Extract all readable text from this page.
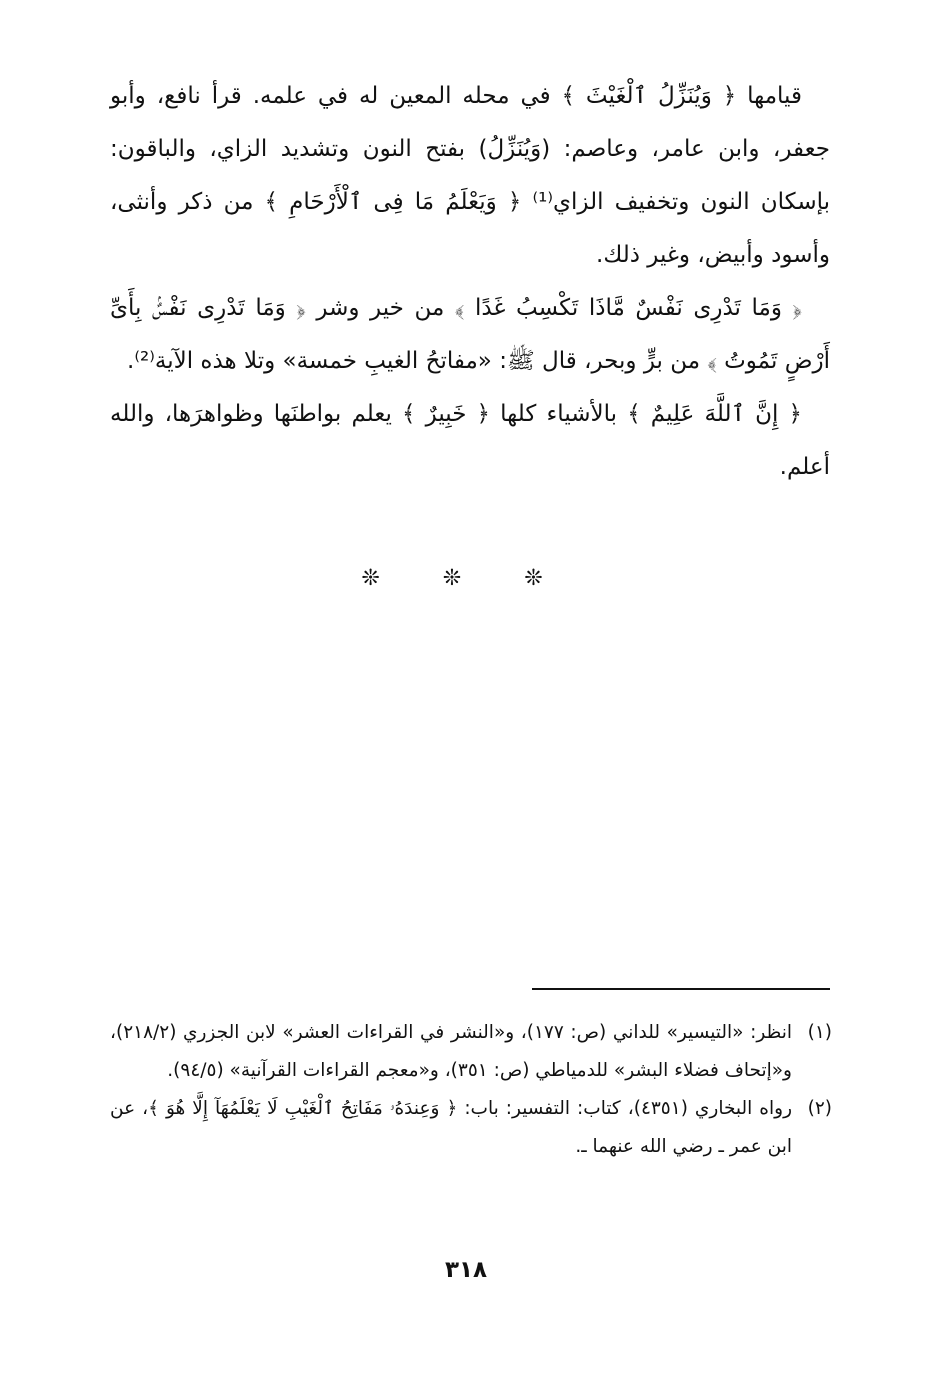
قيامها ﴿ وَيُنَزِّلُ ٱلْغَيْثَ ﴾ في محله المعين له في علمه. قرأ نافع، وأبو جعفر، وابن عامر، وعاصم: (وَيُنَزِّلُ) بفتح النون وتشديد الزاي، والباقون: بإسكان النون وتخفيف الزاي⁽¹⁾ ﴿ وَيَعْلَمُ مَا فِى ٱلْأَرْحَامِ ﴾ من ذكر وأنثى، وأسود وأبيض، وغير ذلك.

﴿ وَمَا تَدْرِى نَفْسٌ مَّاذَا تَكْسِبُ غَدًا ﴾ من خير وشر ﴿ وَمَا تَدْرِى نَفْسٌۢ بِأَىِّ أَرْضٍ تَمُوتُ ﴾ من برٍّ وبحر، قال ﷺ: «مفاتحُ الغيبِ خمسة» وتلا هذه الآية⁽²⁾.

﴿ إِنَّ ٱللَّهَ عَلِيمٌ ﴾ بالأشياء كلها ﴿ خَبِيرٌ ﴾ يعلم بواطنَها وظواهرَها، والله أعلم.

❊ ❊ ❊
(١)
انظر: «التيسير» للداني (ص: ١٧٧)، و«النشر في القراءات العشر» لابن الجزري (٢١٨/٢)، و«إتحاف فضلاء البشر» للدمياطي (ص: ٣٥١)، و«معجم القراءات القرآنية» (٩٤/٥).
(٢)
رواه البخاري (٤٣٥١)، كتاب: التفسير: باب: ﴿ وَعِندَهُۥ مَفَاتِحُ ٱلْغَيْبِ لَا يَعْلَمُهَآ إِلَّا هُوَ ﴾، عن ابن عمر ـ رضي الله عنهما ـ.
٣١٨
